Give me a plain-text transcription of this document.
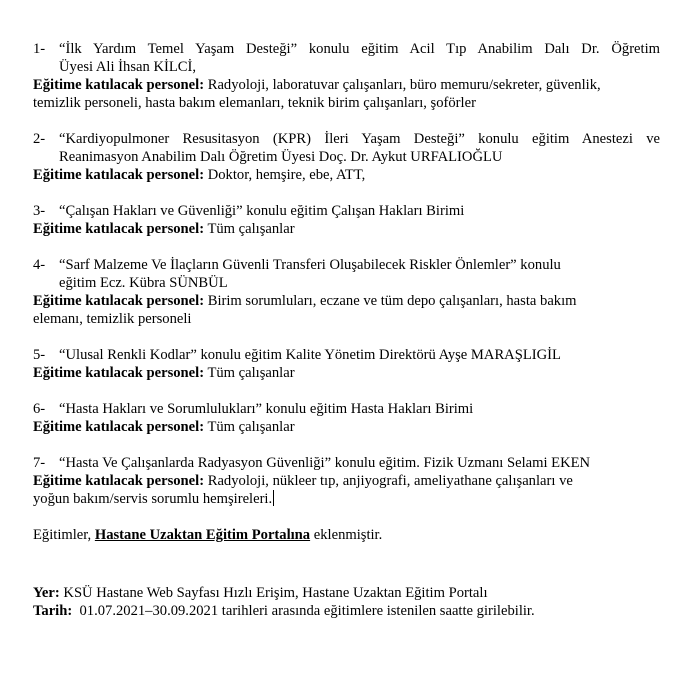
1- “İlk Yardım Temel Yaşam Desteği” konulu eğitim Acil Tıp Anabilim Dalı Dr. Öğretim
Üyesi Ali İhsan KİLCİ,
Eğitime katılacak personel: Radyoloji, laboratuvar çalışanları, büro memuru/sekreter, güvenlik,
temizlik personeli, hasta bakım elemanları, teknik birim çalışanları, şoförler
2- “Kardiyopulmoner Resusitasyon (KPR) İleri Yaşam Desteği” konulu eğitim Anestezi ve
Reanimasyon Anabilim Dalı Öğretim Üyesi Doç. Dr. Aykut URFALIOĞLU
Eğitime katılacak personel: Doktor, hemşire, ebe, ATT,
3- “Çalışan Hakları ve Güvenliği” konulu eğitim Çalışan Hakları Birimi
Eğitime katılacak personel: Tüm çalışanlar
4- “Sarf Malzeme Ve İlaçların Güvenli Transferi Oluşabilecek Riskler Önlemler” konulu
eğitim Ecz. Kübra SÜNBÜL
Eğitime katılacak personel: Birim sorumluları, eczane ve tüm depo çalışanları, hasta bakım
elemanı, temizlik personeli
5- “Ulusal Renkli Kodlar” konulu eğitim Kalite Yönetim Direktörü Ayşe MARAŞLIGİL
Eğitime katılacak personel: Tüm çalışanlar
6- “Hasta Hakları ve Sorumlulukları” konulu eğitim Hasta Hakları Birimi
Eğitime katılacak personel: Tüm çalışanlar
7- “Hasta Ve Çalışanlarda Radyasyon Güvenliği” konulu eğitim. Fizik Uzmanı Selami EKEN
Eğitime katılacak personel: Radyoloji, nükleer tıp, anjiyografi, ameliyathane çalışanları ve
yoğun bakım/servis sorumlu hemşireleri.
Eğitimler, Hastane Uzaktan Eğitim Portalına eklenmiştir.
Yer: KSÜ Hastane Web Sayfası Hızlı Erişim, Hastane Uzaktan Eğitim Portalı
Tarih:  01.07.2021–30.09.2021 tarihleri arasında eğitimlere istenilen saatte girilebilir.
